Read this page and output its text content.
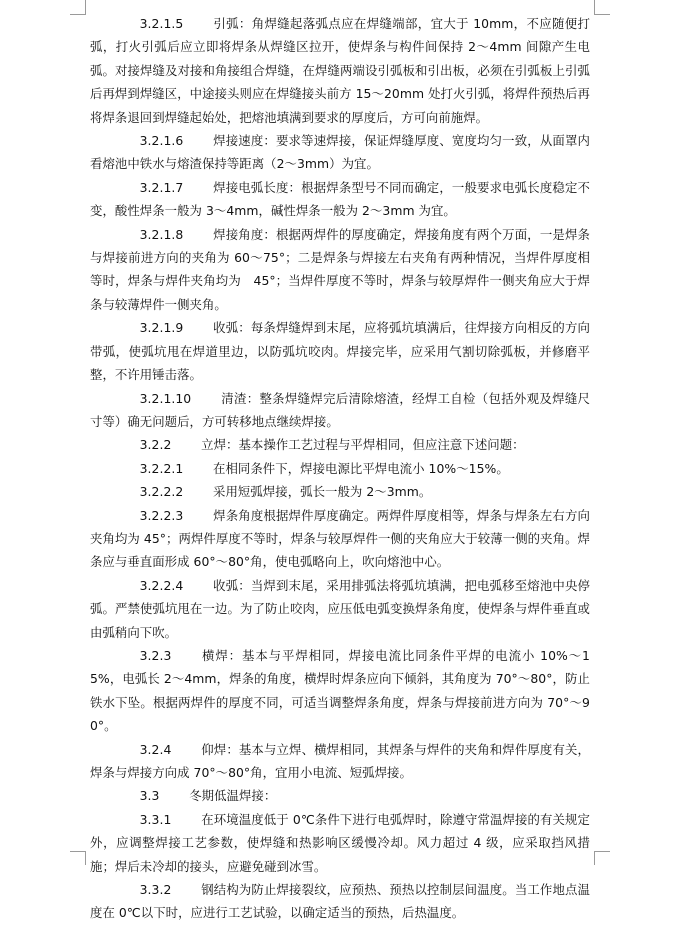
3.2.1.5 引弧：角焊缝起落弧点应在焊缝端部，宜大于 10mm，不应随便打弧，打火引弧后应立即将焊条从焊缝区拉开，使焊条与构件间保持 2～4mm 间隙产生电弧。对接焊缝及对接和角接组合焊缝，在焊缝两端设引弧板和引出板，必须在引弧板上引弧后再焊到焊缝区，中途接头则应在焊缝接头前方 15～20mm 处打火引弧，将焊件预热后再将焊条退回到焊缝起始处，把熔池填满到要求的厚度后，方可向前施焊。

3.2.1.6 焊接速度：要求等速焊接，保证焊缝厚度、宽度均匀一致，从面罩内看熔池中铁水与熔渣保持等距离（2～3mm）为宜。

3.2.1.7 焊接电弧长度：根据焊条型号不同而确定，一般要求电弧长度稳定不变，酸性焊条一般为 3～4mm，碱性焊条一般为 2～3mm 为宜。

3.2.1.8 焊接角度：根据两焊件的厚度确定，焊接角度有两个万面，一是焊条与焊接前进方向的夹角为 60～75°；二是焊条与焊接左右夹角有两种情况，当焊件厚度相等时，焊条与焊件夹角均为　45°；当焊件厚度不等时，焊条与较厚焊件一侧夹角应大于焊条与较薄焊件一侧夹角。

3.2.1.9 收弧：每条焊缝焊到末尾，应将弧坑填满后，往焊接方向相反的方向带弧，使弧坑甩在焊道里边，以防弧坑咬肉。焊接完毕，应采用气割切除弧板，并修磨平整，不许用锤击落。

3.2.1.10 清渣：整条焊缝焊完后清除熔渣，经焊工自检（包括外观及焊缝尺寸等）确无问题后，方可转移地点继续焊接。

3.2.2 立焊：基本操作工艺过程与平焊相同，但应注意下述问题：

3.2.2.1 在相同条件下，焊接电源比平焊电流小 10%～15%。

3.2.2.2 采用短弧焊接，弧长一般为 2～3mm。

3.2.2.3 焊条角度根据焊件厚度确定。两焊件厚度相等，焊条与焊条左右方向夹角均为 45°；两焊件厚度不等时，焊条与较厚焊件一侧的夹角应大于较薄一侧的夹角。焊条应与垂直面形成 60°～80°角，使电弧略向上，吹向熔池中心。

3.2.2.4 收弧：当焊到末尾，采用排弧法将弧坑填满，把电弧移至熔池中央停弧。严禁使弧坑甩在一边。为了防止咬肉，应压低电弧变换焊条角度，使焊条与焊件垂直或由弧稍向下吹。

3.2.3 横焊：基本与平焊相同，焊接电流比同条件平焊的电流小 10%～15%，电弧长 2～4mm，焊条的角度，横焊时焊条应向下倾斜，其角度为 70°～80°，防止铁水下坠。根据两焊件的厚度不同，可适当调整焊条角度，焊条与焊接前进方向为 70°～90°。

3.2.4 仰焊：基本与立焊、横焊相同，其焊条与焊件的夹角和焊件厚度有关，焊条与焊接方向成 70°～80°角，宜用小电流、短弧焊接。

3.3 冬期低温焊接：

3.3.1 在环境温度低于 0℃条件下进行电弧焊时，除遵守常温焊接的有关规定外，应调整焊接工艺参数，使焊缝和热影响区缓慢冷却。风力超过 4 级，应采取挡风措施；焊后未冷却的接头，应避免碰到冰雪。

3.3.2 钢结构为防止焊接裂纹，应预热、预热以控制层间温度。当工作地点温度在 0℃以下时，应进行工艺试验，以确定适当的预热，后热温度。
